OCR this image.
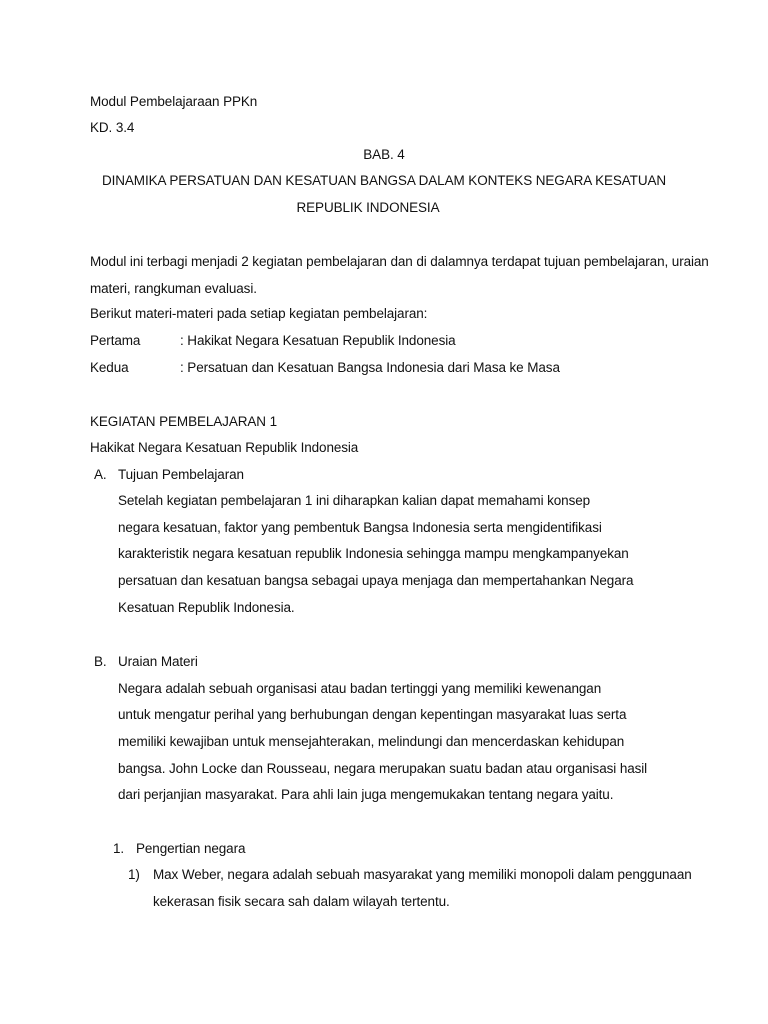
Modul Pembelajaraan PPKn
KD. 3.4
BAB. 4
DINAMIKA PERSATUAN DAN KESATUAN BANGSA DALAM KONTEKS NEGARA KESATUAN
REPUBLIK INDONESIA
Modul ini terbagi menjadi 2 kegiatan pembelajaran dan di dalamnya terdapat tujuan pembelajaran, uraian
materi, rangkuman evaluasi.
Berikut materi-materi pada setiap kegiatan pembelajaran:
Pertama	: Hakikat Negara Kesatuan Republik Indonesia
Kedua	: Persatuan dan Kesatuan Bangsa Indonesia dari Masa ke Masa
KEGIATAN PEMBELAJARAN 1
Hakikat Negara Kesatuan Republik Indonesia
A. Tujuan Pembelajaran
Setelah kegiatan pembelajaran 1 ini diharapkan kalian dapat memahami konsep
negara kesatuan, faktor yang pembentuk Bangsa Indonesia serta mengidentifikasi
karakteristik negara kesatuan republik Indonesia sehingga mampu mengkampanyekan
persatuan dan kesatuan bangsa sebagai upaya menjaga dan mempertahankan Negara
Kesatuan Republik Indonesia.
B. Uraian Materi
Negara adalah sebuah organisasi atau badan tertinggi yang memiliki kewenangan
untuk mengatur perihal yang berhubungan dengan kepentingan masyarakat luas serta
memiliki kewajiban untuk mensejahterakan, melindungi dan mencerdaskan kehidupan
bangsa. John Locke dan Rousseau, negara merupakan suatu badan atau organisasi hasil
dari perjanjian masyarakat. Para ahli lain juga mengemukakan tentang negara yaitu.
1. Pengertian negara
1) Max Weber, negara adalah sebuah masyarakat yang memiliki monopoli dalam penggunaan
kekerasan fisik secara sah dalam wilayah tertentu.
